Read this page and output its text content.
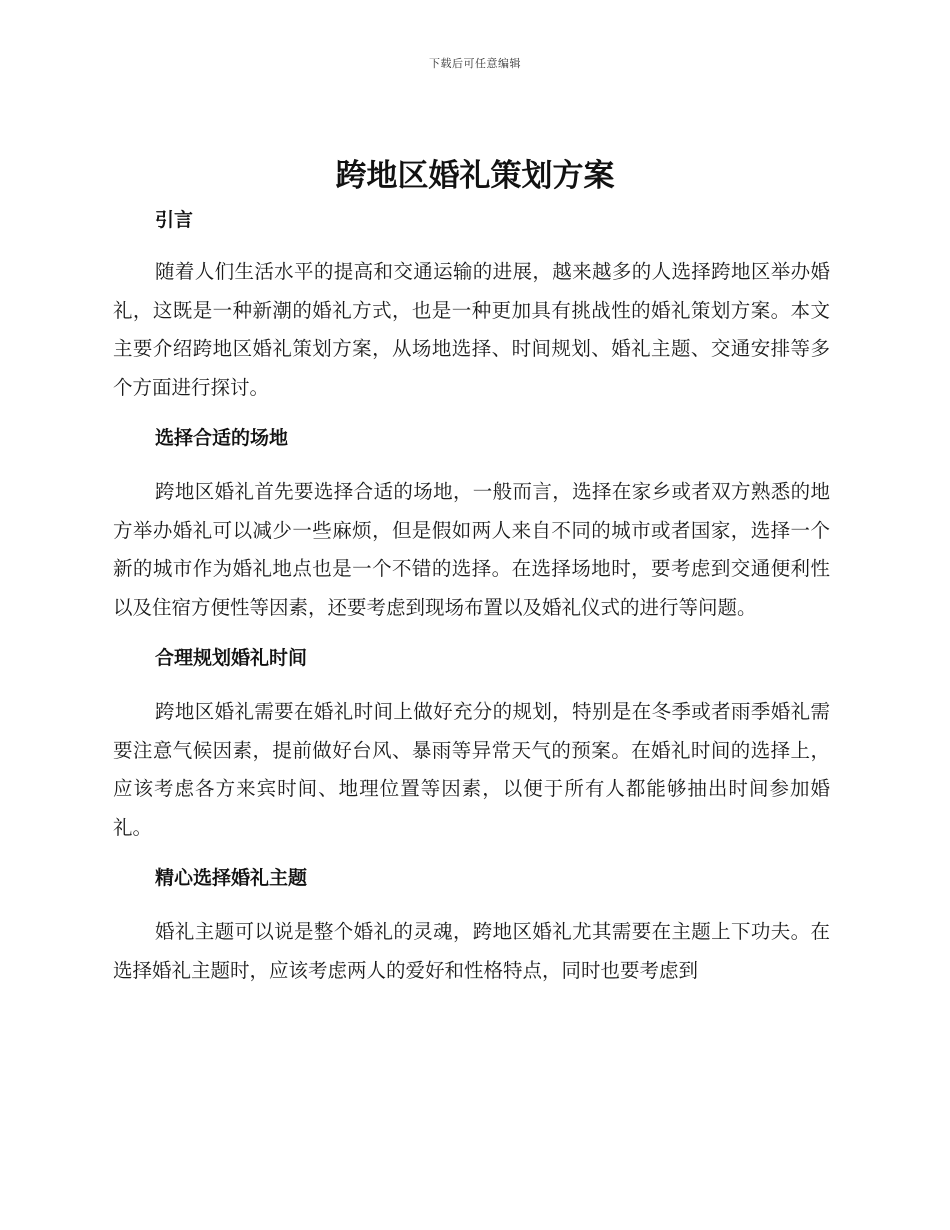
下载后可任意编辑
跨地区婚礼策划方案

引言

随着人们生活水平的提高和交通运输的进展，越来越多的人选择跨地区举办婚礼，这既是一种新潮的婚礼方式，也是一种更加具有挑战性的婚礼策划方案。本文主要介绍跨地区婚礼策划方案，从场地选择、时间规划、婚礼主题、交通安排等多个方面进行探讨。

选择合适的场地

跨地区婚礼首先要选择合适的场地，一般而言，选择在家乡或者双方熟悉的地方举办婚礼可以减少一些麻烦，但是假如两人来自不同的城市或者国家，选择一个新的城市作为婚礼地点也是一个不错的选择。在选择场地时，要考虑到交通便利性以及住宿方便性等因素，还要考虑到现场布置以及婚礼仪式的进行等问题。

合理规划婚礼时间

跨地区婚礼需要在婚礼时间上做好充分的规划，特别是在冬季或者雨季婚礼需要注意气候因素，提前做好台风、暴雨等异常天气的预案。在婚礼时间的选择上，应该考虑各方来宾时间、地理位置等因素，以便于所有人都能够抽出时间参加婚礼。

精心选择婚礼主题

婚礼主题可以说是整个婚礼的灵魂，跨地区婚礼尤其需要在主题上下功夫。在选择婚礼主题时，应该考虑两人的爱好和性格特点，同时也要考虑到
